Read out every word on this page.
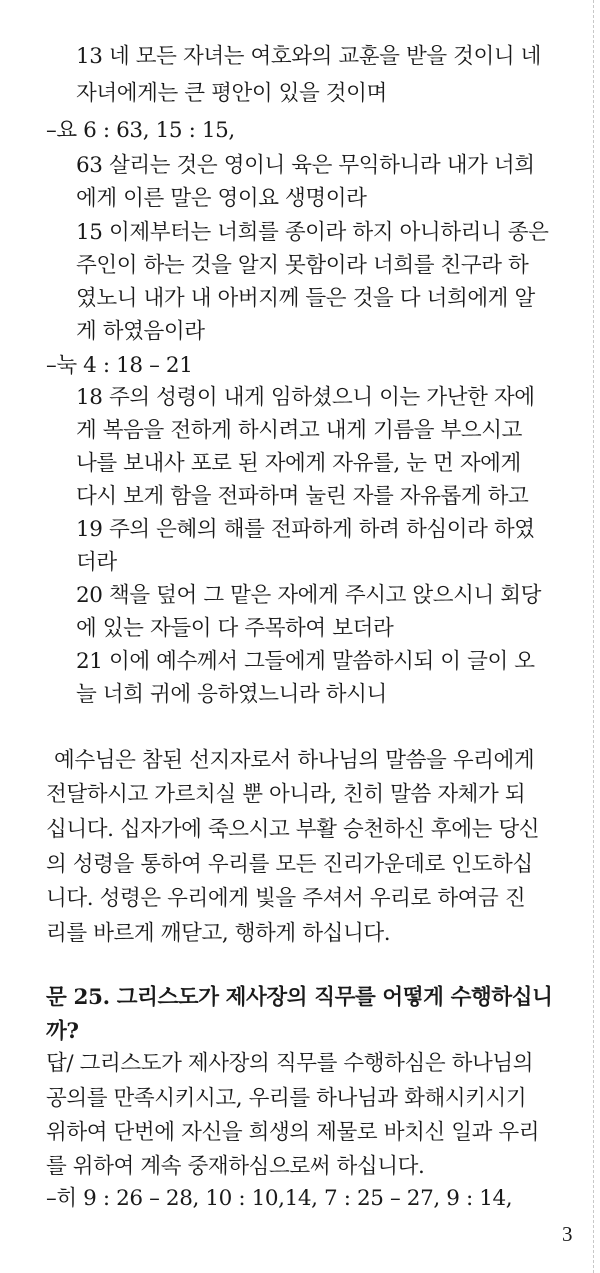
13 네 모든 자녀는 여호와의 교훈을 받을 것이니 네
자녀에게는 큰 평안이 있을 것이며
–요 6 : 63, 15 : 15,
63 살리는 것은 영이니 육은 무익하니라 내가 너희
에게 이른 말은 영이요 생명이라
15 이제부터는 너희를 종이라 하지 아니하리니 종은
주인이 하는 것을 알지 못함이라 너희를 친구라 하
였노니 내가 내 아버지께 들은 것을 다 너희에게 알
게 하였음이라
–눅 4 : 18 – 21
18 주의 성령이 내게 임하셨으니 이는 가난한 자에
게 복음을 전하게 하시려고 내게 기름을 부으시고
나를 보내사 포로 된 자에게 자유를, 눈 먼 자에게
다시 보게 함을 전파하며 눌린 자를 자유롭게 하고
19 주의 은혜의 해를 전파하게 하려 하심이라 하였
더라
20 책을 덮어 그 맡은 자에게 주시고 앉으시니 회당
에 있는 자들이 다 주목하여 보더라
21 이에 예수께서 그들에게 말씀하시되 이 글이 오
늘 너희 귀에 응하였느니라 하시니
예수님은 참된 선지자로서 하나님의 말씀을 우리에게
전달하시고 가르치실 뿐 아니라, 친히 말씀 자체가 되
십니다. 십자가에 죽으시고 부활 승천하신 후에는 당신
의 성령을 통하여 우리를 모든 진리가운데로 인도하십
니다. 성령은 우리에게 빛을 주셔서 우리로 하여금 진
리를 바르게 깨닫고, 행하게 하십니다.
문 25. 그리스도가 제사장의 직무를 어떻게 수행하십니
까?
답/ 그리스도가 제사장의 직무를 수행하심은 하나님의
공의를 만족시키시고, 우리를 하나님과 화해시키시기
위하여 단번에 자신을 희생의 제물로 바치신 일과 우리
를 위하여 계속 중재하심으로써 하십니다.
–히 9 : 26 – 28, 10 : 10,14, 7 : 25 – 27, 9 : 14,
3
